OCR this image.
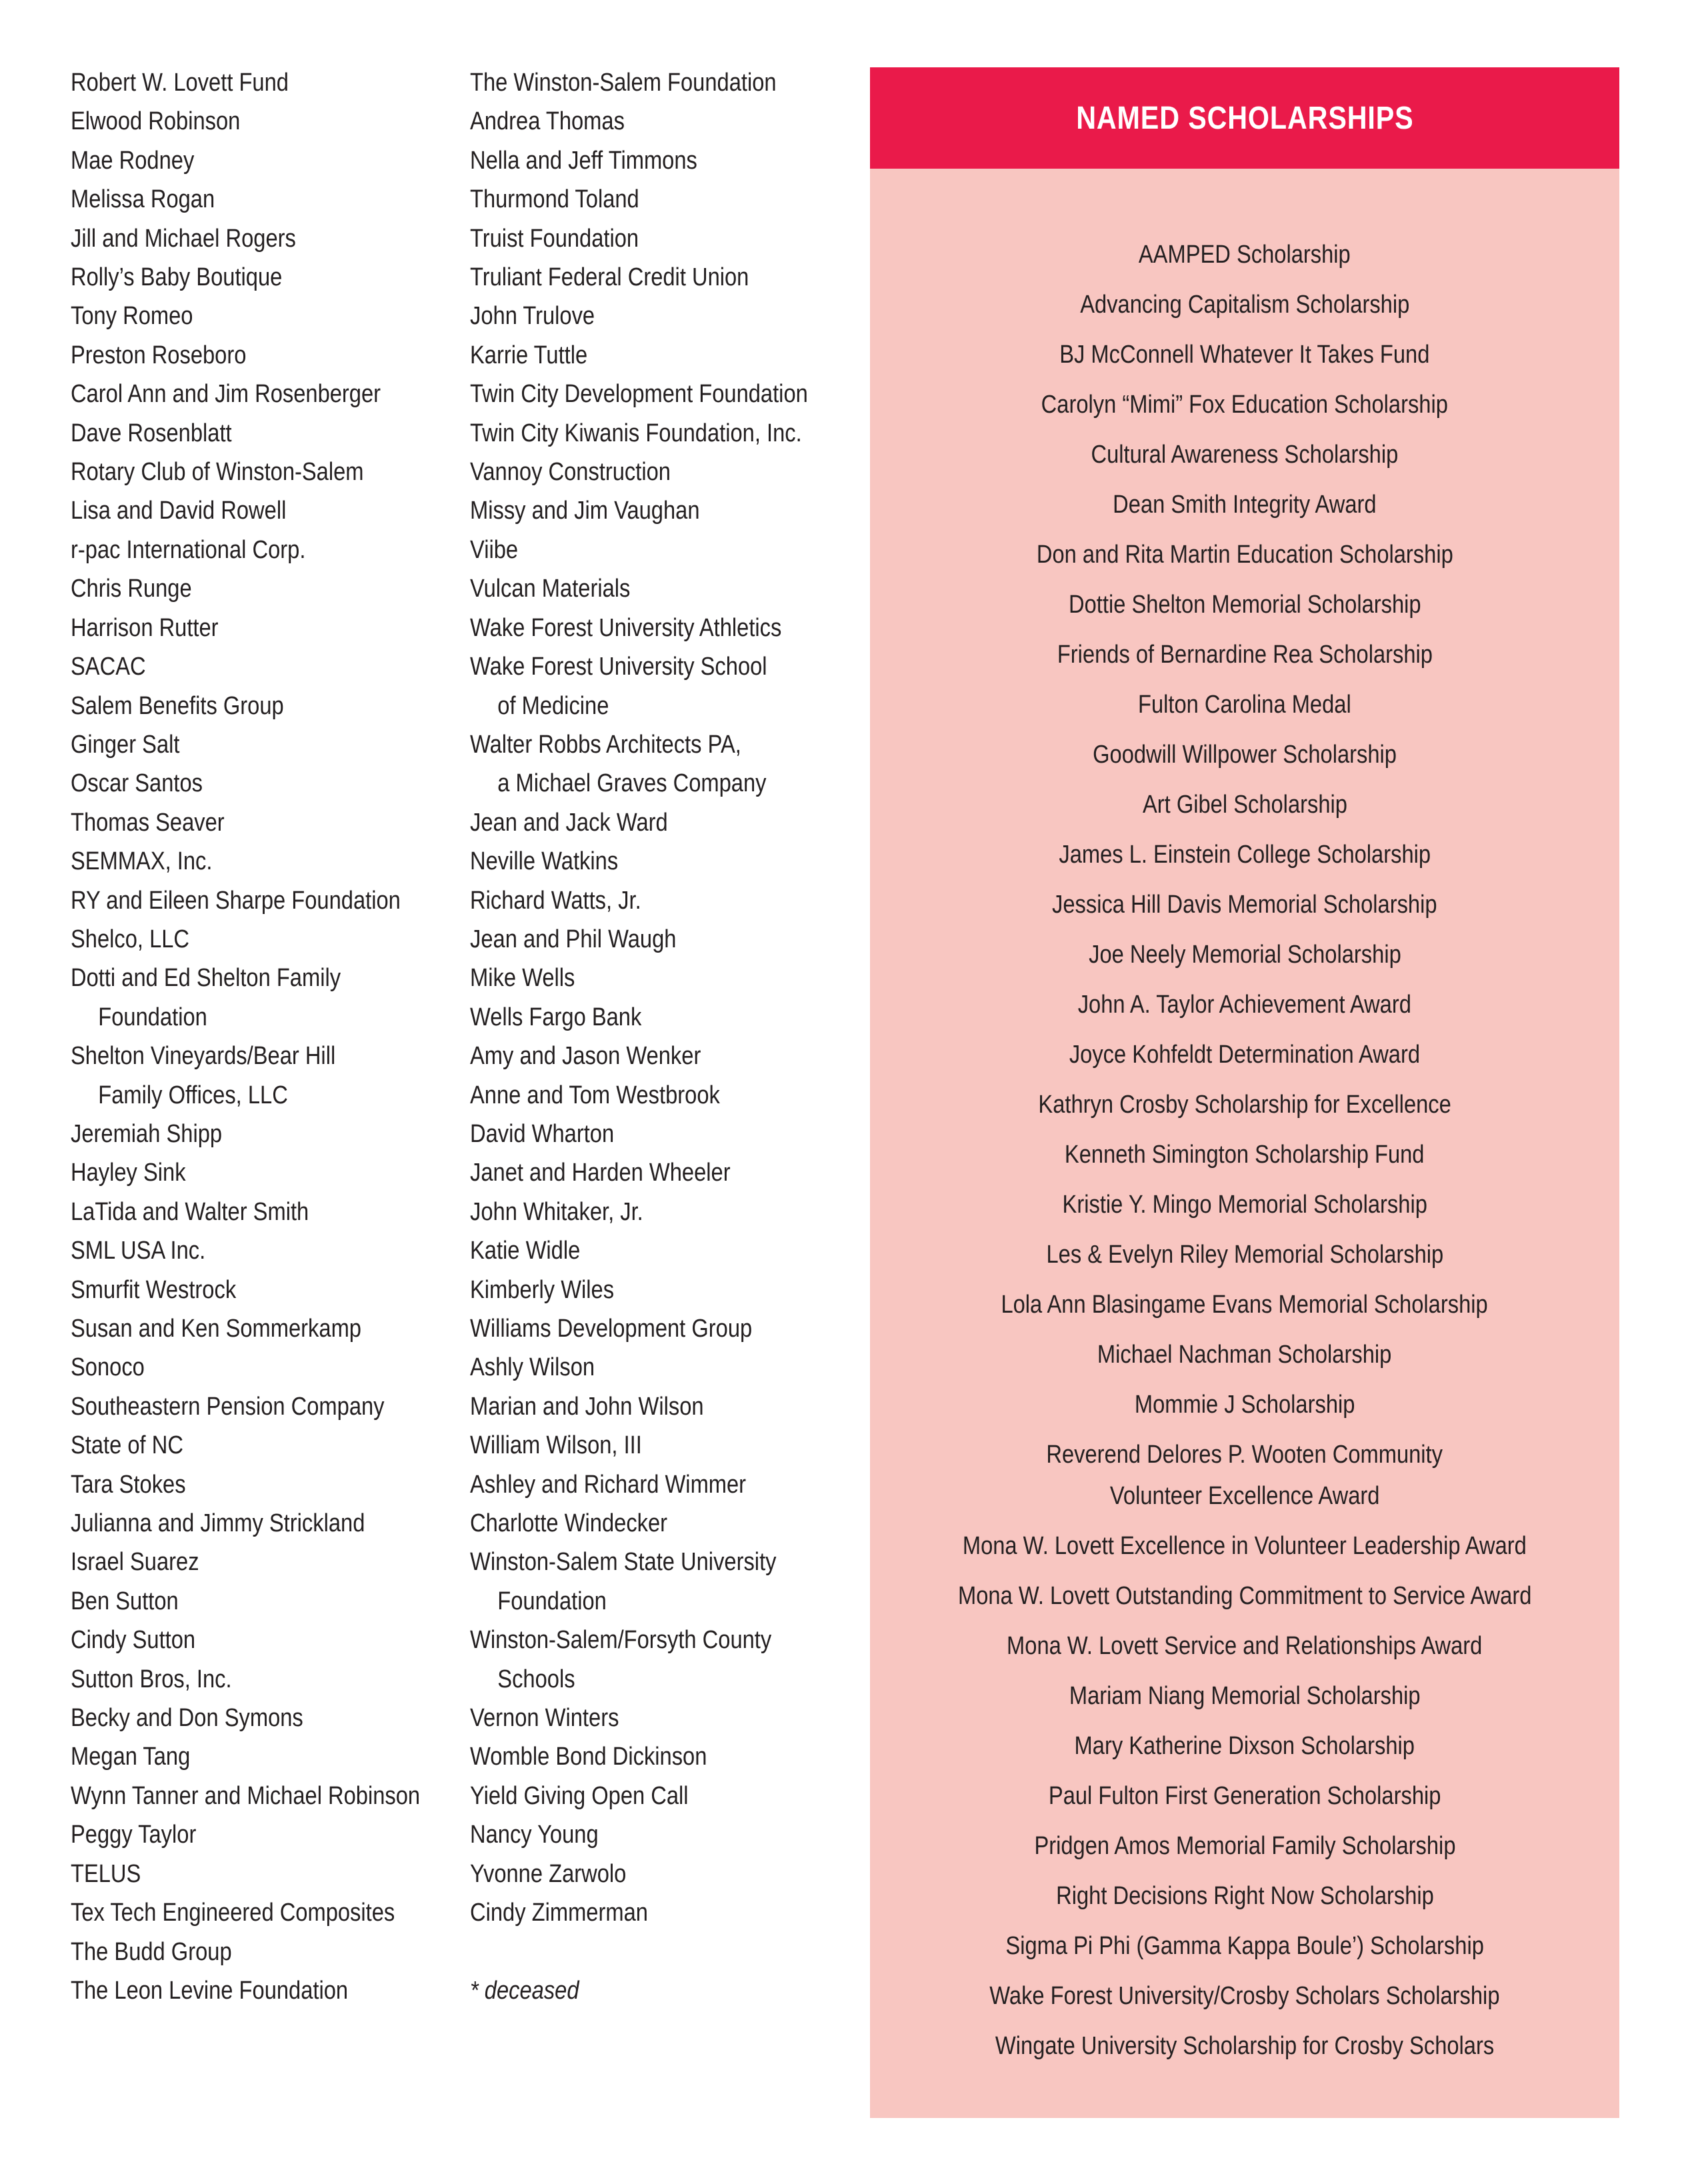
Robert W. Lovett Fund
Elwood Robinson
Mae Rodney
Melissa Rogan
Jill and Michael Rogers
Rolly’s Baby Boutique
Tony Romeo
Preston Roseboro
Carol Ann and Jim Rosenberger
Dave Rosenblatt
Rotary Club of Winston-Salem
Lisa and David Rowell
r-pac International Corp.
Chris Runge
Harrison Rutter
SACAC
Salem Benefits Group
Ginger Salt
Oscar Santos
Thomas Seaver
SEMMAX, Inc.
RY and Eileen Sharpe Foundation
Shelco, LLC
Dotti and Ed Shelton Family
Foundation
Shelton Vineyards/Bear Hill
Family Offices, LLC
Jeremiah Shipp
Hayley Sink
LaTida and Walter Smith
SML USA Inc.
Smurfit Westrock
Susan and Ken Sommerkamp
Sonoco
Southeastern Pension Company
State of NC
Tara Stokes
Julianna and Jimmy Strickland
Israel Suarez
Ben Sutton
Cindy Sutton
Sutton Bros, Inc.
Becky and Don Symons
Megan Tang
Wynn Tanner and Michael Robinson
Peggy Taylor
TELUS
Tex Tech Engineered Composites
The Budd Group
The Leon Levine Foundation
The Winston-Salem Foundation
Andrea Thomas
Nella and Jeff Timmons
Thurmond Toland
Truist Foundation
Truliant Federal Credit Union
John Trulove
Karrie Tuttle
Twin City Development Foundation
Twin City Kiwanis Foundation, Inc.
Vannoy Construction
Missy and Jim Vaughan
Viibe
Vulcan Materials
Wake Forest University Athletics
Wake Forest University School
of Medicine
Walter Robbs Architects PA,
a Michael Graves Company
Jean and Jack Ward
Neville Watkins
Richard Watts, Jr.
Jean and Phil Waugh
Mike Wells
Wells Fargo Bank
Amy and Jason Wenker
Anne and Tom Westbrook
David Wharton
Janet and Harden Wheeler
John Whitaker, Jr.
Katie Widle
Kimberly Wiles
Williams Development Group
Ashly Wilson
Marian and John Wilson
William Wilson, III
Ashley and Richard Wimmer
Charlotte Windecker
Winston-Salem State University
Foundation
Winston-Salem/Forsyth County
Schools
Vernon Winters
Womble Bond Dickinson
Yield Giving Open Call
Nancy Young
Yvonne Zarwolo
Cindy Zimmerman
* deceased
NAMED SCHOLARSHIPS
AAMPED Scholarship
Advancing Capitalism Scholarship
BJ McConnell Whatever It Takes Fund
Carolyn “Mimi” Fox Education Scholarship
Cultural Awareness Scholarship
Dean Smith Integrity Award
Don and Rita Martin Education Scholarship
Dottie Shelton Memorial Scholarship
Friends of Bernardine Rea Scholarship
Fulton Carolina Medal
Goodwill Willpower Scholarship
Art Gibel Scholarship
James L. Einstein College Scholarship
Jessica Hill Davis Memorial Scholarship
Joe Neely Memorial Scholarship
John A. Taylor Achievement Award
Joyce Kohfeldt Determination Award
Kathryn Crosby Scholarship for Excellence
Kenneth Simington Scholarship Fund
Kristie Y. Mingo Memorial Scholarship
Les & Evelyn Riley Memorial Scholarship
Lola Ann Blasingame Evans Memorial Scholarship
Michael Nachman Scholarship
Mommie J Scholarship
Reverend Delores P. Wooten Community
Volunteer Excellence Award
Mona W. Lovett Excellence in Volunteer Leadership Award
Mona W. Lovett Outstanding Commitment to Service Award
Mona W. Lovett Service and Relationships Award
Mariam Niang Memorial Scholarship
Mary Katherine Dixson Scholarship
Paul Fulton First Generation Scholarship
Pridgen Amos Memorial Family Scholarship
Right Decisions Right Now Scholarship
Sigma Pi Phi (Gamma Kappa Boule’) Scholarship
Wake Forest University/Crosby Scholars Scholarship
Wingate University Scholarship for Crosby Scholars
